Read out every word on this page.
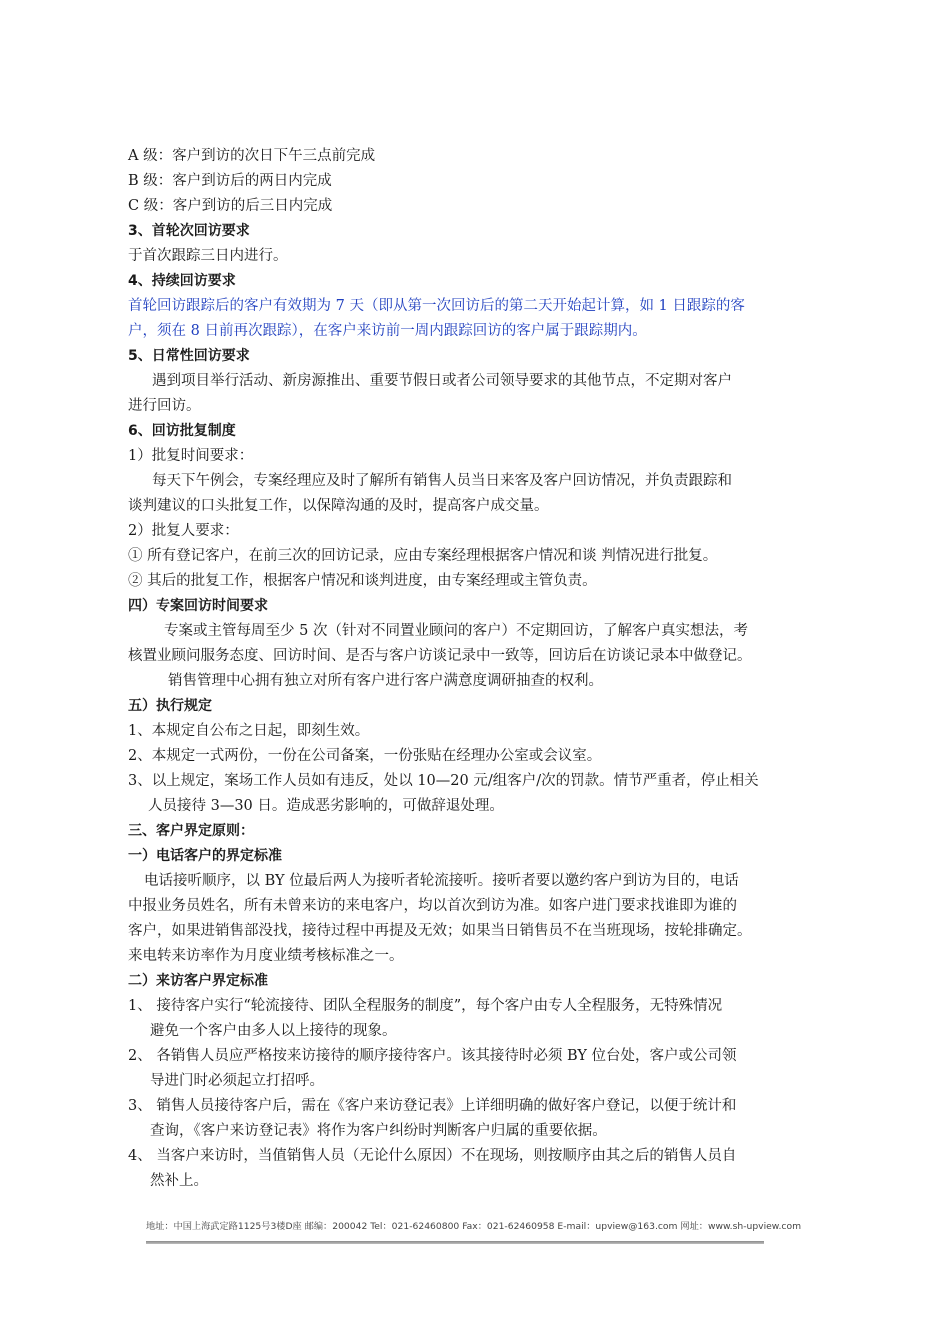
A 级：客户到访的次日下午三点前完成
B 级：客户到访后的两日内完成
C 级：客户到访的后三日内完成
3、首轮次回访要求
于首次跟踪三日内进行。
4、持续回访要求
首轮回访跟踪后的客户有效期为 7 天（即从第一次回访后的第二天开始起计算，如 1 日跟踪的客
户，须在 8 日前再次跟踪），在客户来访前一周内跟踪回访的客户属于跟踪期内。
5、日常性回访要求
遇到项目举行活动、新房源推出、重要节假日或者公司领导要求的其他节点，不定期对客户
进行回访。
6、回访批复制度
1）批复时间要求：
每天下午例会，专案经理应及时了解所有销售人员当日来客及客户回访情况，并负责跟踪和
谈判建议的口头批复工作，以保障沟通的及时，提高客户成交量。
2）批复人要求：
① 所有登记客户，在前三次的回访记录，应由专案经理根据客户情况和谈 判情况进行批复。
② 其后的批复工作，根据客户情况和谈判进度，由专案经理或主管负责。
四）专案回访时间要求
专案或主管每周至少 5 次（针对不同置业顾问的客户）不定期回访，了解客户真实想法，考
核置业顾问服务态度、回访时间、是否与客户访谈记录中一致等，回访后在访谈记录本中做登记。
销售管理中心拥有独立对所有客户进行客户满意度调研抽查的权利。
五）执行规定
1、本规定自公布之日起，即刻生效。
2、本规定一式两份，一份在公司备案，一份张贴在经理办公室或会议室。
3、以上规定，案场工作人员如有违反，处以 10—20 元/组客户/次的罚款。情节严重者，停止相关
人员接待 3—30 日。造成恶劣影响的，可做辞退处理。
三、客户界定原则：
一）电话客户的界定标准
电话接听顺序，以 BY 位最后两人为接听者轮流接听。接听者要以邀约客户到访为目的，电话
中报业务员姓名，所有未曾来访的来电客户，均以首次到访为准。如客户进门要求找谁即为谁的
客户，如果进销售部没找，接待过程中再提及无效；如果当日销售员不在当班现场，按轮排确定。
来电转来访率作为月度业绩考核标准之一。
二）来访客户界定标准
1、 接待客户实行“轮流接待、团队全程服务的制度”，每个客户由专人全程服务，无特殊情况
避免一个客户由多人以上接待的现象。
2、 各销售人员应严格按来访接待的顺序接待客户。该其接待时必须 BY 位台处，客户或公司领
导进门时必须起立打招呼。
3、 销售人员接待客户后，需在《客户来访登记表》上详细明确的做好客户登记，以便于统计和
查询，《客户来访登记表》将作为客户纠纷时判断客户归属的重要依据。
4、 当客户来访时，当值销售人员（无论什么原因）不在现场，则按顺序由其之后的销售人员自
然补上。
地址：中国上海武定路1125号3楼D座 邮编：200042 Tel：021-62460800 Fax：021-62460958 E-mail：upview@163.com 网址：www.sh-upview.com
